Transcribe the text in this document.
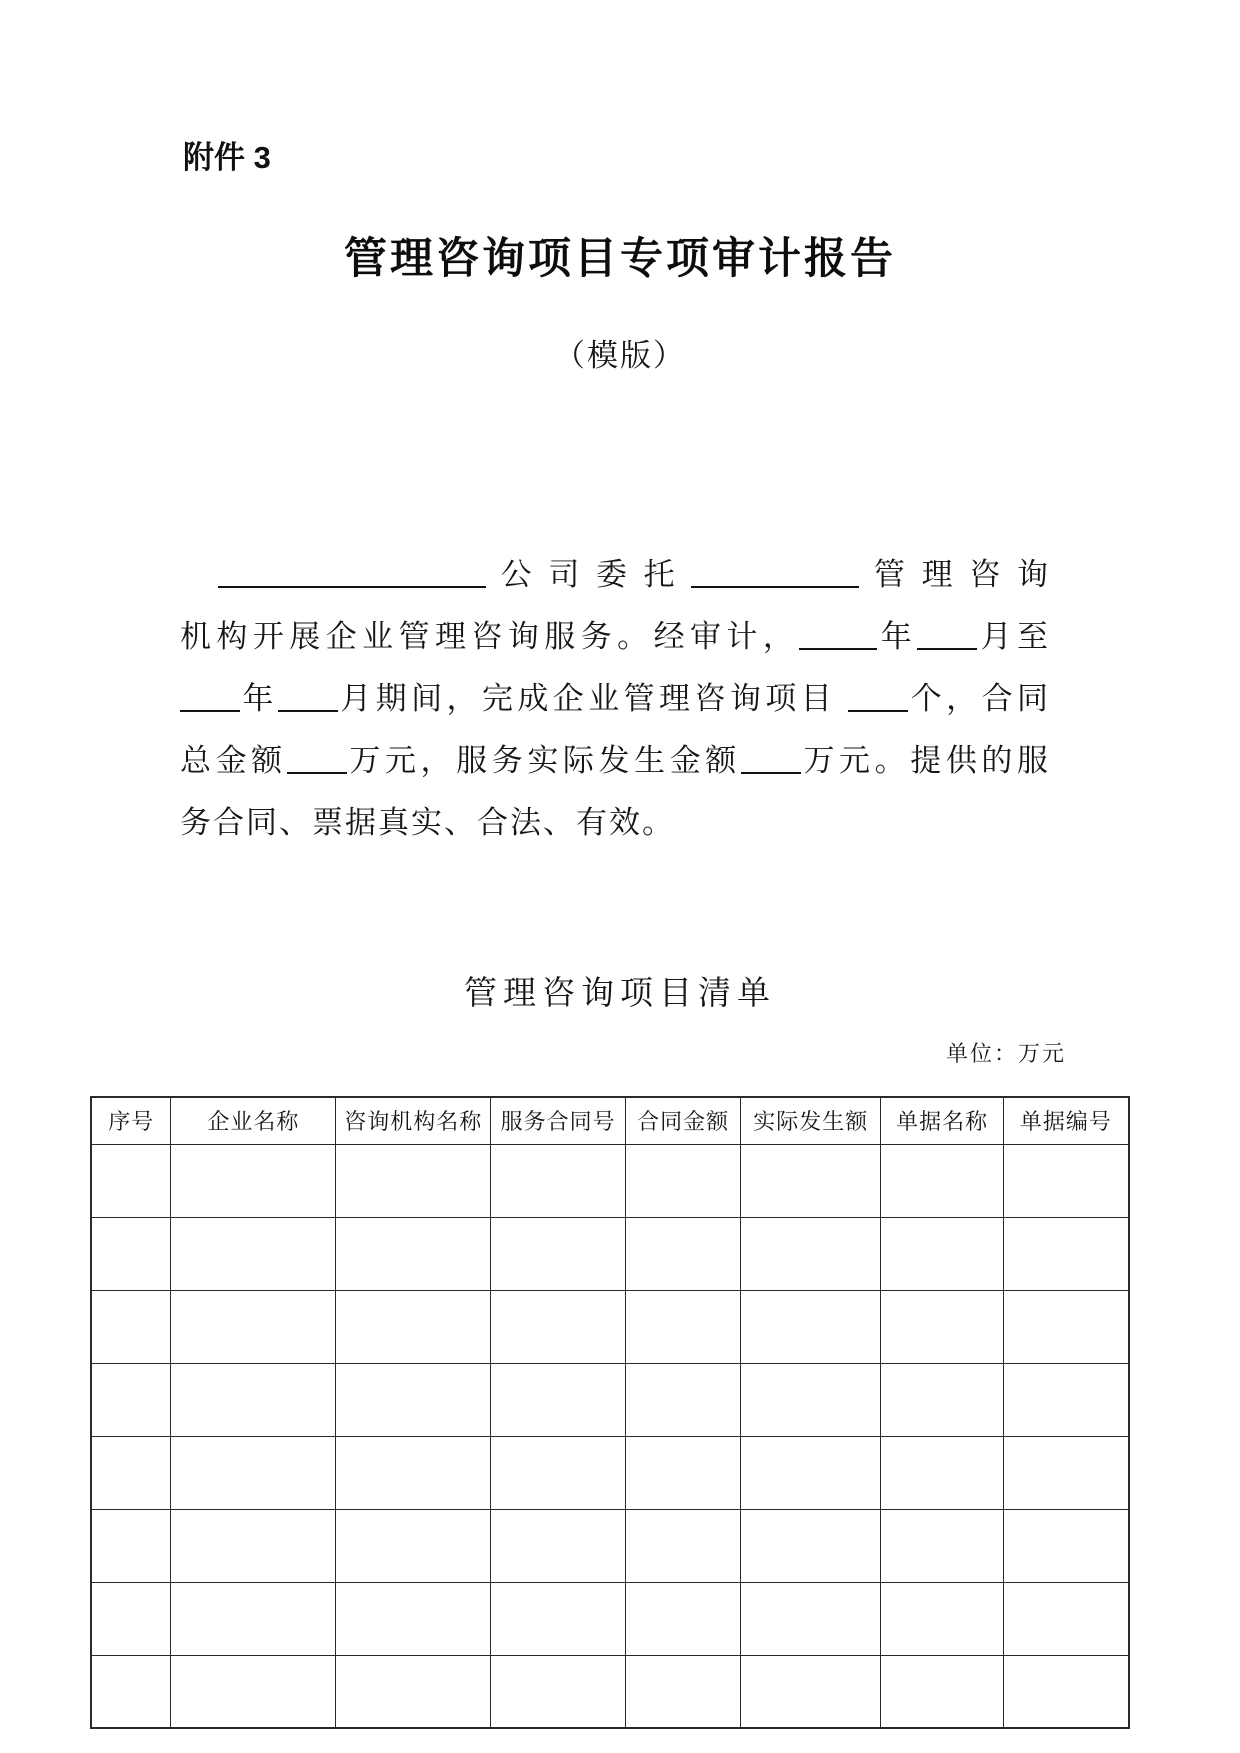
附件 3
管理咨询项目专项审计报告
（模版）
公司委托	管理咨询
机构开展企业管理咨询服务。经审计，	年 月至
年 月期间，完成企业管理咨询项目 个，合同
总金额 万元，服务实际发生金额 万元。提供的服
务合同、票据真实、合法、有效。
管理咨询项目清单
单位：万元
序号	企业名称	咨询机构名称	服务合同号	合同金额	实际发生额	单据名称	单据编号
